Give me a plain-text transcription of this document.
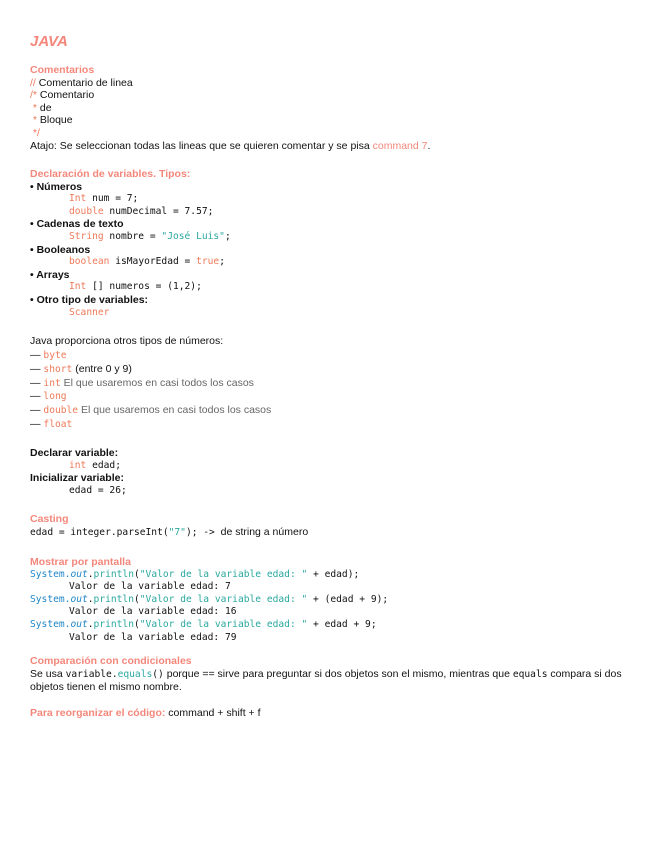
JAVA
Comentarios
// Comentario de linea
/* Comentario
* de
* Bloque
*/
Atajo: Se seleccionan todas las lineas que se quieren comentar y se pisa command 7.
Declaración de variables. Tipos:
• Números
Int num = 7;
double numDecimal = 7.57;
• Cadenas de texto
String nombre = "José Luis";
• Booleanos
boolean isMayorEdad = true;
• Arrays
Int [] numeros = (1,2);
• Otro tipo de variables:
Scanner
Java proporciona otros tipos de números:
— byte
— short (entre 0 y 9)
— int El que usaremos en casi todos los casos
— long
— double El que usaremos en casi todos los casos
— float
Declarar variable:
int edad;
Inicializar variable:
edad = 26;
Casting
edad = integer.parseInt("7"); -> de string a número
Mostrar por pantalla
System.out.println("Valor de la variable edad: " + edad);
Valor de la variable edad: 7
System.out.println("Valor de la variable edad: " + (edad + 9);
Valor de la variable edad: 16
System.out.println("Valor de la variable edad: " + edad + 9;
Valor de la variable edad: 79
Comparación con condicionales
Se usa variable.equals() porque == sirve para preguntar si dos objetos son el mismo, mientras que equals compara si dos objetos tienen el mismo nombre.
Para reorganizar el código: command + shift + f
